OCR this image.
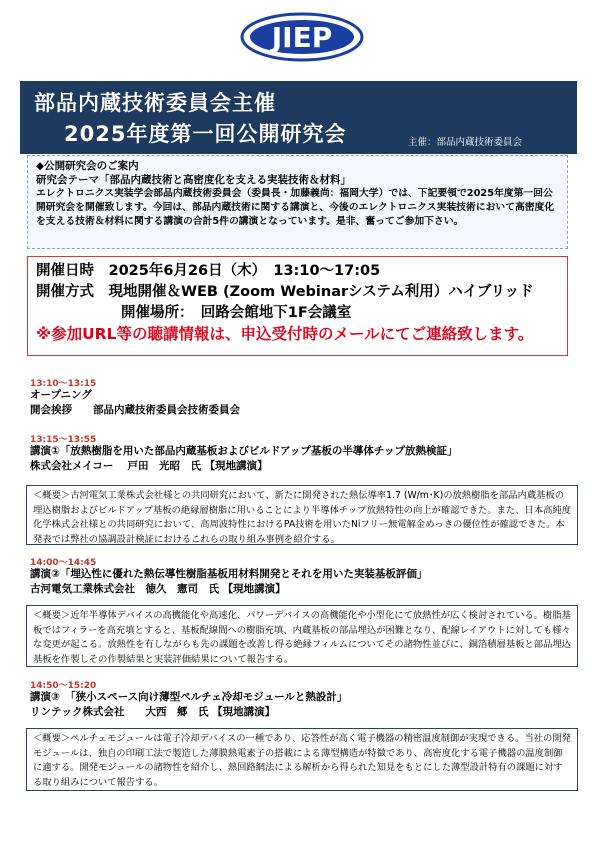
JIEP
部品内蔵技術委員会主催
2025年度第一回公開研究会	主催：部品内蔵技術委員会
◆公開研究会のご案内
研究会テーマ「部品内蔵技術と高密度化を支える実装技術＆材料」
エレクトロニクス実装学会部品内蔵技術委員会（委員長・加藤義尚：福岡大学）では、下記要領で2025年度第一回公開研究会を開催致します。今回は、部品内蔵技術に関する講演と、今後のエレクトロニクス実装技術において高密度化を支える技術＆材料に関する講演の合計5件の講演となっています。是非、奮ってご参加下さい。
開催日時　2025年6月26日（木）　13:10～17:05
開催方式　現地開催＆WEB (Zoom Webinarシステム利用）ハイブリッド
開催場所：　回路会館地下1F会議室
※参加URL等の聴講情報は、申込受付時のメールにてご連絡致します。
13:10～13:15
オープニング
開会挨拶　　部品内蔵技術委員会技術委員会
13:15～13:55
講演①「放熱樹脂を用いた部品内蔵基板およびビルドアップ基板の半導体チップ放熱検証」
株式会社メイコー　 戸田　光昭　氏 【現地講演】
＜概要＞古河電気工業株式会社様との共同研究において、新たに開発された熱伝導率1.7 (W/m･K)の放熱樹脂を部品内蔵基板の埋込樹脂およびビルドアップ基板の絶縁層樹脂に用いることにより半導体チップ放熱特性の向上が確認できた。また、日本高純度化学株式会社様との共同研究において、高周波特性におけるPA技術を用いたNiフリー無電解金めっきの優位性が確認できた。本発表では弊社の協調設計検証におけるこれらの取り組み事例を紹介する。
14:00～14:45
講演②「埋込性に優れた熱伝導性樹脂基板用材料開発とそれを用いた実装基板評価」
古河電気工業株式会社　徳久　憲司　氏 【現地講演】
＜概要＞近年半導体デバイスの高機能化や高速化、パワーデバイスの高機能化や小型化にて放熱性が広く検討されている。樹脂基板ではフィラーを高充填とすると、基板配線間への樹脂充填、内蔵基板の部品埋込が困難となり、配線レイアウトに対しても様々な変更が起こる。放熱性を有しながらも先の課題を改善し得る絶縁フィルムについてその諸物性並びに、銅箔積層基板と部品埋込基板を作製しその作製結果と実装評価結果について報告する。
14:50～15:20
講演③　「狭小スペース向け薄型ペルチェ冷却モジュールと熱設計」
リンテック株式会社　　大西　郷　氏 【現地講演】
＜概要＞ペルチェモジュールは電子冷却デバイスの一種であり、応答性が高く電子機器の精密温度制御が実現できる。当社の開発モジュールは、独自の印刷工法で製造した薄膜熱電素子の搭載による薄型構造が特徴であり、高密度化する電子機器の温度制御に適する。開発モジュールの諸物性を紹介し、熱回路網法による解析から得られた知見をもとにした薄型設計特有の課題に対する取り組みについて報告する。
